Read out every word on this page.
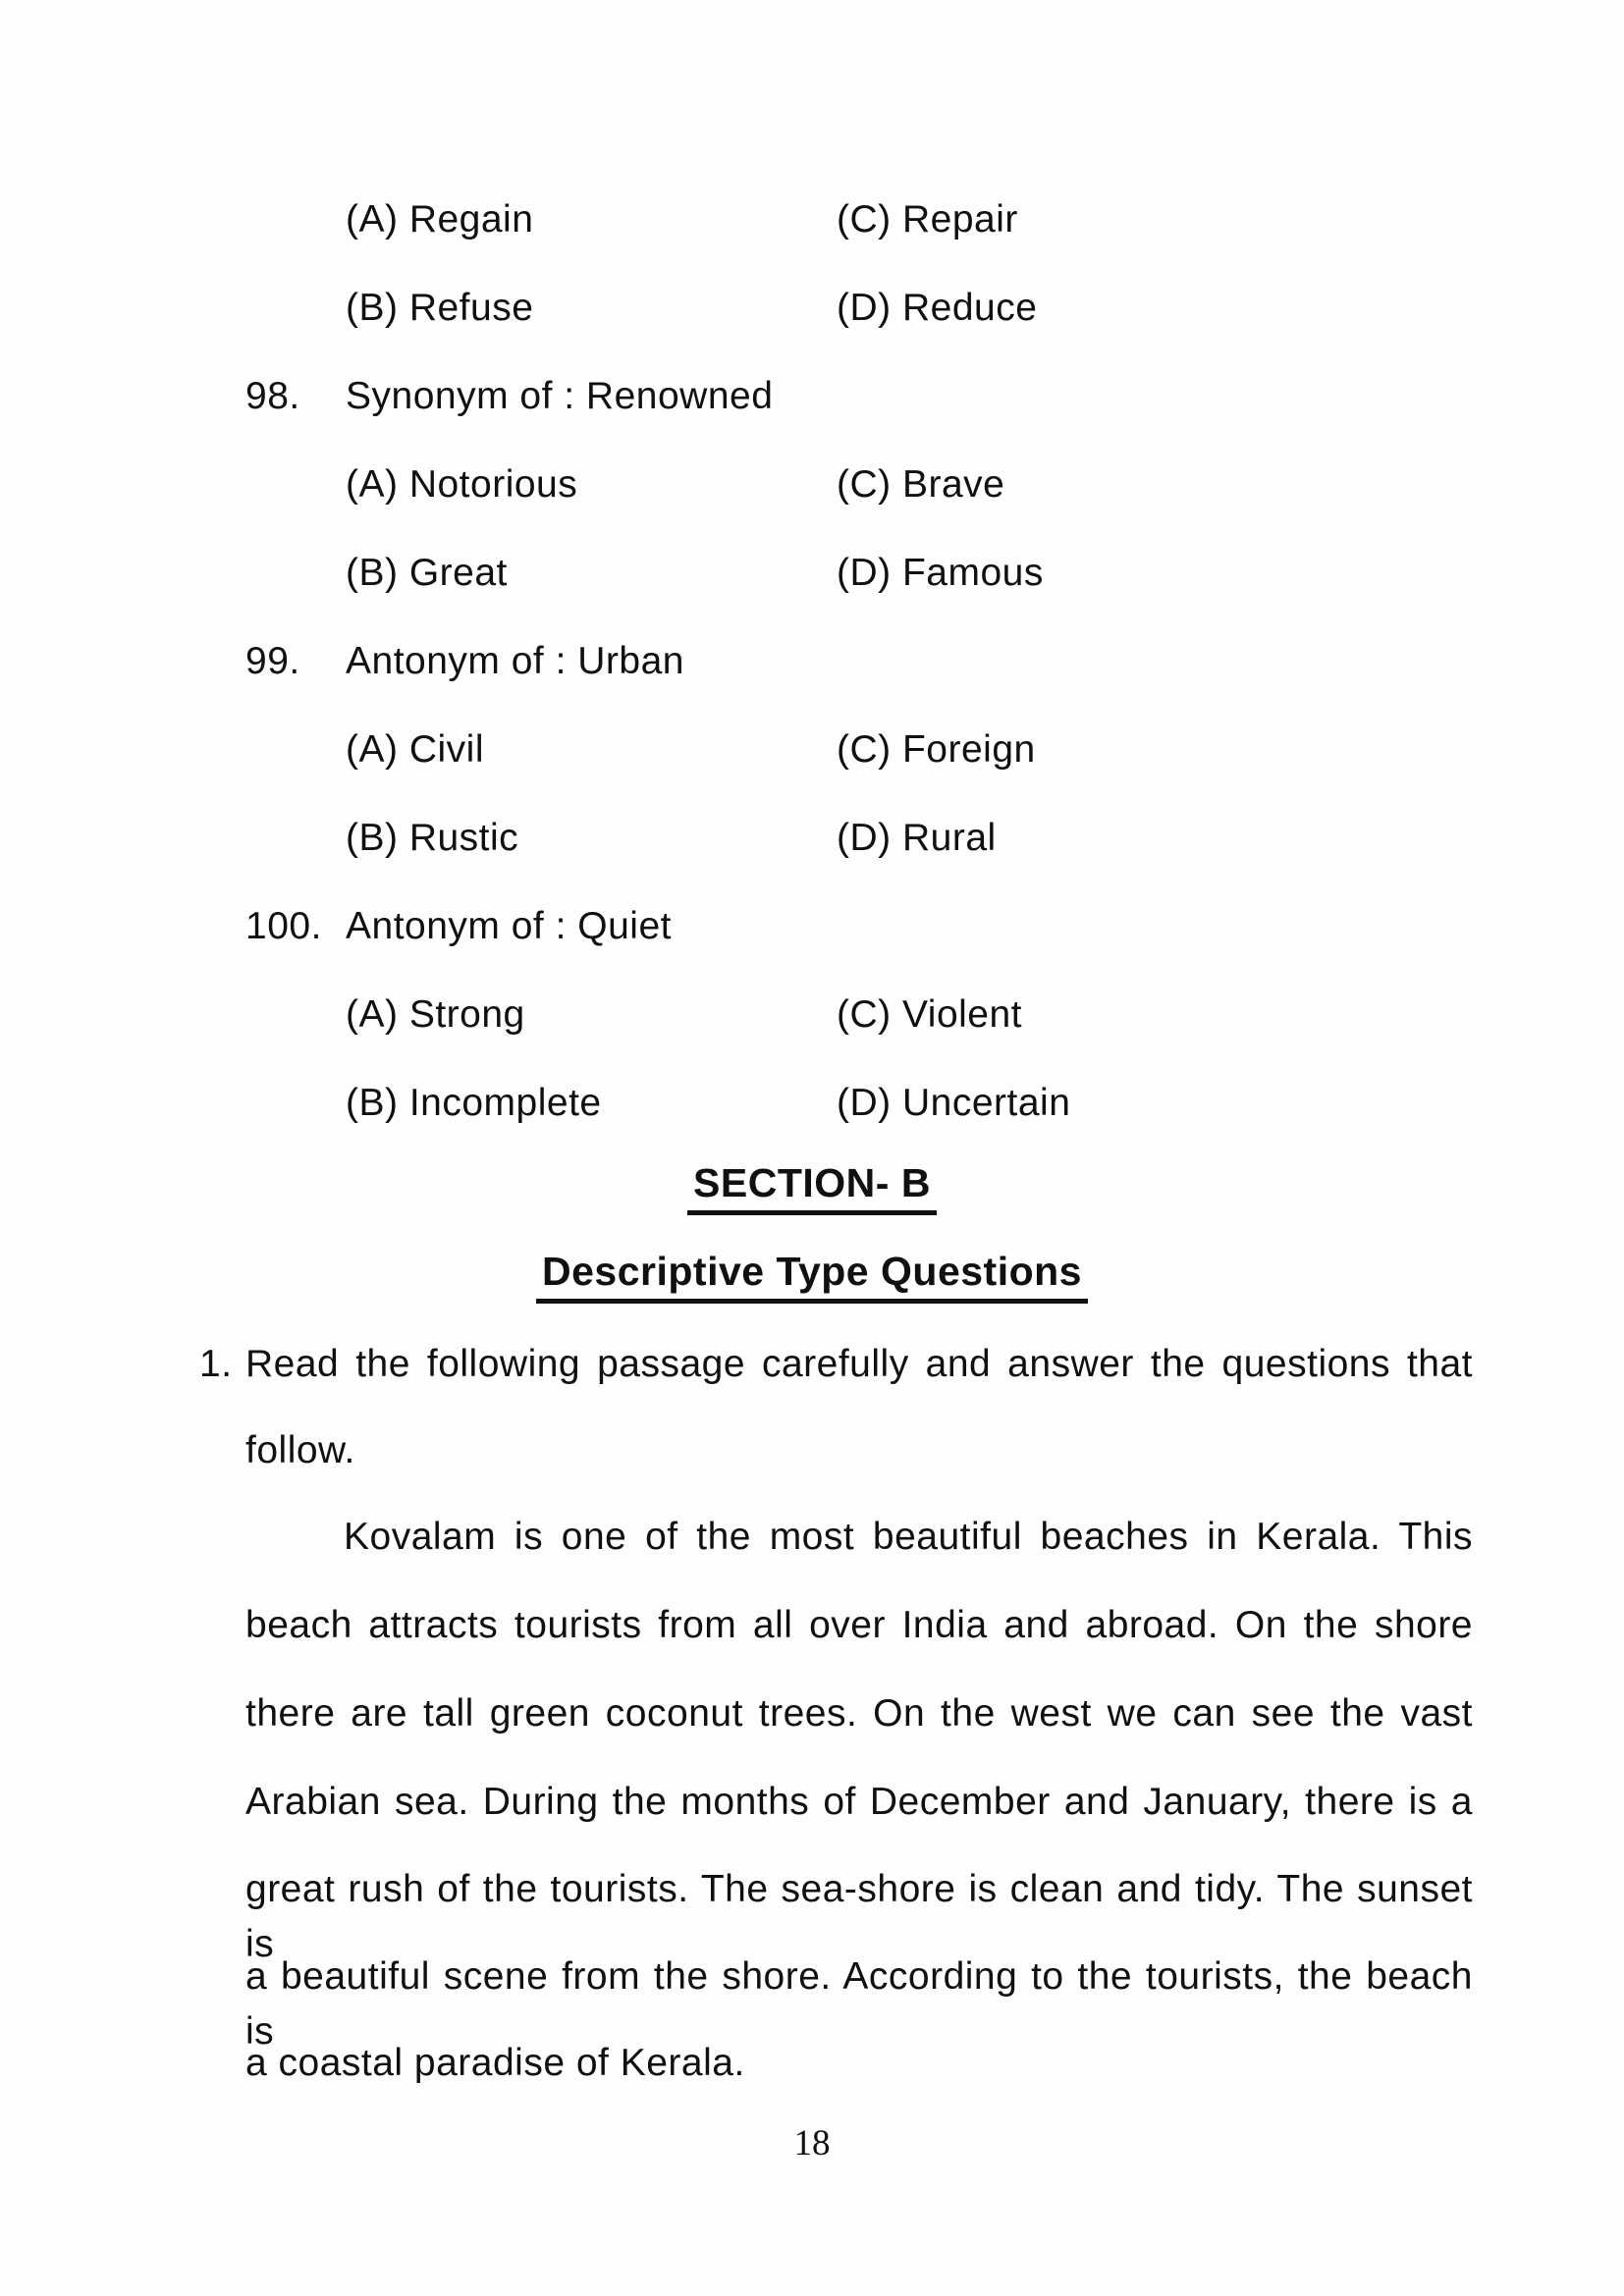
(A) Regain	(C) Repair
(B) Refuse	(D) Reduce
98. Synonym of : Renowned
(A) Notorious	(C) Brave
(B) Great	(D) Famous
99. Antonym of : Urban
(A) Civil	(C) Foreign
(B) Rustic	(D) Rural
100. Antonym of : Quiet
(A) Strong	(C) Violent
(B) Incomplete	(D) Uncertain
SECTION- B
Descriptive Type Questions
1. Read the following passage carefully and answer the questions that
follow.
Kovalam is one of the most beautiful beaches in Kerala. This
beach attracts tourists from all over India and abroad. On the shore
there are tall green coconut trees. On the west we can see the vast
Arabian sea. During the months of December and January, there is a
great rush of the tourists. The sea-shore is clean and tidy. The sunset is
a beautiful scene from the shore. According to the tourists, the beach is
a coastal paradise of Kerala.
18
